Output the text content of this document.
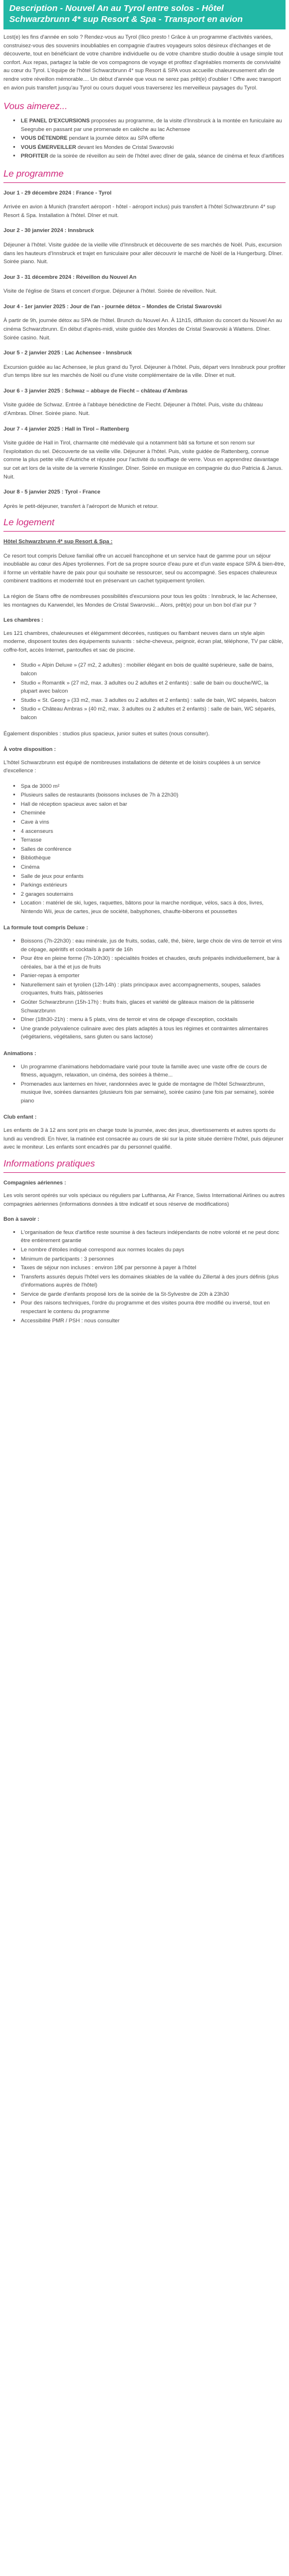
Description - Nouvel An au Tyrol entre solos - Hôtel Schwarzbrunn 4* sup Resort & Spa - Transport en avion

Lost(e) les fins d'année en solo ? Rendez-vous au Tyrol (Ilico presto ! Grâce à un programme d'activités variées, construisez-vous des souvenirs inoubliables en compagnie d'autres voyageurs solos désireux d'échanges et de découverte, tout en bénéficiant de votre chambre individuelle ou de votre chambre studio double à usage simple tout confort. Aux repas, partagez la table de vos compagnons de voyage et profitez d'agréables moments de convivialité au cœur du Tyrol. L'équipe de l'hôtel Schwarzbrunn 4* sup Resort & SPA vous accueille chaleureusement afin de rendre votre réveillon mémorable.... Un début d'année que vous ne serez pas prêt(e) d'oublier ! Offre avec transport en avion puis transfert jusqu'au Tyrol ou cours duquel vous traverserez les merveilleux paysages du Tyrol.

Vous aimerez...
• LE PANEL D'EXCURSIONS proposées au programme, de la visite d'Innsbruck à la montée en funiculaire au Seegrube en passant par une promenade en calèche au lac Achensee
• VOUS DÉTENDRE pendant la journée détox au SPA offerte
• VOUS ÉMERVEILLER devant les Mondes de Cristal Swarovski
• PROFITER de la soirée de réveillon au sein de l'hôtel avec dîner de gala, séance de cinéma et feux d'artifices
Le programme

Jour 1 - 29 décembre 2024 : France - Tyrol

Arrivée en avion à Munich (transfert aéroport - hôtel - aéroport inclus) puis transfert à l'hôtel Schwarzbrunn 4* sup Resort & Spa. Installation à l'hôtel. Dîner et nuit.

Jour 2 - 30 janvier 2024 : Innsbruck

Déjeuner à l'hôtel. Visite guidée de la vieille ville d'Innsbruck et découverte de ses marchés de Noël. Puis, excursion dans les hauteurs d'Innsbruck et trajet en funiculaire pour aller découvrir le marché de Noël de la Hungerburg. Dîner. Soirée piano. Nuit.

Jour 3 - 31 décembre 2024 : Réveillon du Nouvel An

Visite de l'église de Stans et concert d'orgue. Déjeuner à l'hôtel. Soirée de réveillon. Nuit.

Jour 4 - 1er janvier 2025 : Jour de l'an - journée détox – Mondes de Cristal Swarovski

À partir de 9h, journée détox au SPA de l'hôtel. Brunch du Nouvel An. À 11h15, diffusion du concert du Nouvel An au cinéma Schwarzbrunn. En début d'après-midi, visite guidée des Mondes de Cristal Swarovski à Wattens. Dîner. Soirée casino. Nuit.

Jour 5 - 2 janvier 2025 : Lac Achensee - Innsbruck

Excursion guidée au lac Achensee, le plus grand du Tyrol. Déjeuner à l'hôtel. Puis, départ vers Innsbruck pour profiter d'un temps libre sur les marchés de Noël ou d'une visite complémentaire de la ville. Dîner et nuit.

Jour 6 - 3 janvier 2025 : Schwaz – abbaye de Fiecht – château d'Ambras

Visite guidée de Schwaz. Entrée à l'abbaye bénédictine de Fiecht. Déjeuner à l'hôtel. Puis, visite du château d'Ambras. Dîner. Soirée piano. Nuit.

Jour 7 - 4 janvier 2025 : Hall in Tirol – Rattenberg

Visite guidée de Hall in Tirol, charmante cité médiévale qui a notamment bâti sa fortune et son renom sur l'exploitation du sel. Découverte de sa vieille ville. Déjeuner à l'hôtel. Puis, visite guidée de Rattenberg, connue comme la plus petite ville d'Autriche et réputée pour l'activité du soufflage de verre. Vous en apprendrez davantage sur cet art lors de la visite de la verrerie Kisslinger. Dîner. Soirée en musique en compagnie du duo Patricia & Janus. Nuit.

Jour 8 - 5 janvier 2025 : Tyrol - France

Après le petit-déjeuner, transfert à l'aéroport de Munich et retour.

Le logement

Hôtel Schwarzbrunn 4* sup Resort & Spa :

Ce resort tout compris Deluxe familial offre un accueil francophone et un service haut de gamme pour un séjour inoubliable au cœur des Alpes tyroliennes. Fort de sa propre source d'eau pure et d'un vaste espace SPA & bien-être, il forme un véritable havre de paix pour qui souhaite se ressourcer, seul ou accompagné. Ses espaces chaleureux combinent traditions et modernité tout en préservant un cachet typiquement tyrolien.

La région de Stans offre de nombreuses possibilités d'excursions pour tous les goûts : Innsbruck, le lac Achensee, les montagnes du Karwendel, les Mondes de Cristal Swarovski... Alors, prêt(e) pour un bon bol d'air pur ?

Les chambres :

Les 121 chambres, chaleureuses et élégamment décorées, rustiques ou flambant neuves dans un style alpin moderne, disposent toutes des équipements suivants : sèche-cheveux, peignoir, écran plat, téléphone, TV par câble, coffre-fort, accès Internet, pantoufles et sac de piscine.

• Studio « Alpin Deluxe » (27 m2, 2 adultes) : mobilier élégant en bois de qualité supérieure, salle de bains, balcon
• Studio « Romantik » (27 m2, max. 3 adultes ou 2 adultes et 2 enfants) : salle de bain ou douche/WC, la plupart avec balcon
• Studio « St. Georg » (33 m2, max. 3 adultes ou 2 adultes et 2 enfants) : salle de bain, WC séparés, balcon
• Studio « Château Ambras » (40 m2, max. 3 adultes ou 2 adultes et 2 enfants) : salle de bain, WC séparés, balcon

Également disponibles : studios plus spacieux, junior suites et suites (nous consulter).

À votre disposition :

L'hôtel Schwarzbrunn est équipé de nombreuses installations de détente et de loisirs couplées à un service d'excellence :

• Spa de 3000 m²
• Plusieurs salles de restaurants (boissons incluses de 7h à 22h30)
• Hall de réception spacieux avec salon et bar
• Cheminée
• Cave à vins
• 4 ascenseurs
• Terrasse
• Salles de conférence
• Bibliothèque
• Cinéma
• Salle de jeux pour enfants
• Parkings extérieurs
• 2 garages souterrains
• Location : matériel de ski, luges, raquettes, bâtons pour la marche nordique, vélos, sacs à dos, livres, Nintendo Wii, jeux de cartes, jeux de société, babyphones, chaufte-biberons et poussettes

La formule tout compris Deluxe :

• Boissons (7h-22h30) : eau minérale, jus de fruits, sodas, café, thé, bière, large choix de vins de terroir et vins de cépage, apéritifs et cocktails à partir de 16h
• Pour être en pleine forme (7h-10h30) : spécialités froides et chaudes, œufs préparés individuellement, bar à céréales, bar à thé et jus de fruits
• Panier-repas à emporter
• Naturellement sain et tyrolien (12h-14h) : plats principaux avec accompagnements, soupes, salades croquantes, fruits frais, pâtisseries
• Goûter Schwarzbrunn (15h-17h) : fruits frais, glaces et variété de gâteaux maison de la pâtisserie Schwarzbrunn
• Dîner (18h30-21h) : menu à 5 plats, vins de terroir et vins de cépage d'exception, cocktails
• Une grande polyvalence culinaire avec des plats adaptés à tous les régimes et contraintes alimentaires (végétariens, végétaliens, sans gluten ou sans lactose)

Animations :

• Un programme d'animations hebdomadaire varié pour toute la famille avec une vaste offre de cours de fitness, aquagym, relaxation, un cinéma, des soirées à thème...
• Promenades aux lanternes en hiver, randonnées avec le guide de montagne de l'hôtel Schwarzbrunn, musique live, soirées dansantes (plusieurs fois par semaine), soirée casino (une fois par semaine), soirée piano

Club enfant :

Les enfants de 3 à 12 ans sont pris en charge toute la journée, avec des jeux, divertissements et autres sports du lundi au vendredi. En hiver, la matinée est consacrée au cours de ski sur la piste située derrière l'hôtel, puis déjeuner avec le moniteur. Les enfants sont encadrés par du personnel qualifié.

Informations pratiques

Compagnies aériennes :

Les vols seront opérés sur vols spéciaux ou réguliers par Lufthansa, Air France, Swiss International Airlines ou autres compagnies aériennes (informations données à titre indicatif et sous réserve de modifications)

Bon à savoir :

• L'organisation de feux d'artifice reste soumise à des facteurs indépendants de notre volonté et ne peut donc être entièrement garantie
• Le nombre d'étoiles indiqué correspond aux normes locales du pays
• Minimum de participants : 3 personnes
• Taxes de séjour non incluses : environ 18€ par personne à payer à l'hôtel
• Transferts assurés depuis l'hôtel vers les domaines skiables de la vallée du Zillertal à des jours définis (plus d'informations auprès de l'hôtel)
• Service de garde d'enfants proposé lors de la soirée de la St-Sylvestre de 20h à 23h30
• Pour des raisons techniques, l'ordre du programme et des visites pourra être modifié ou inversé, tout en respectant le contenu du programme
• Accessibilité PMR / PSH : nous consulter
